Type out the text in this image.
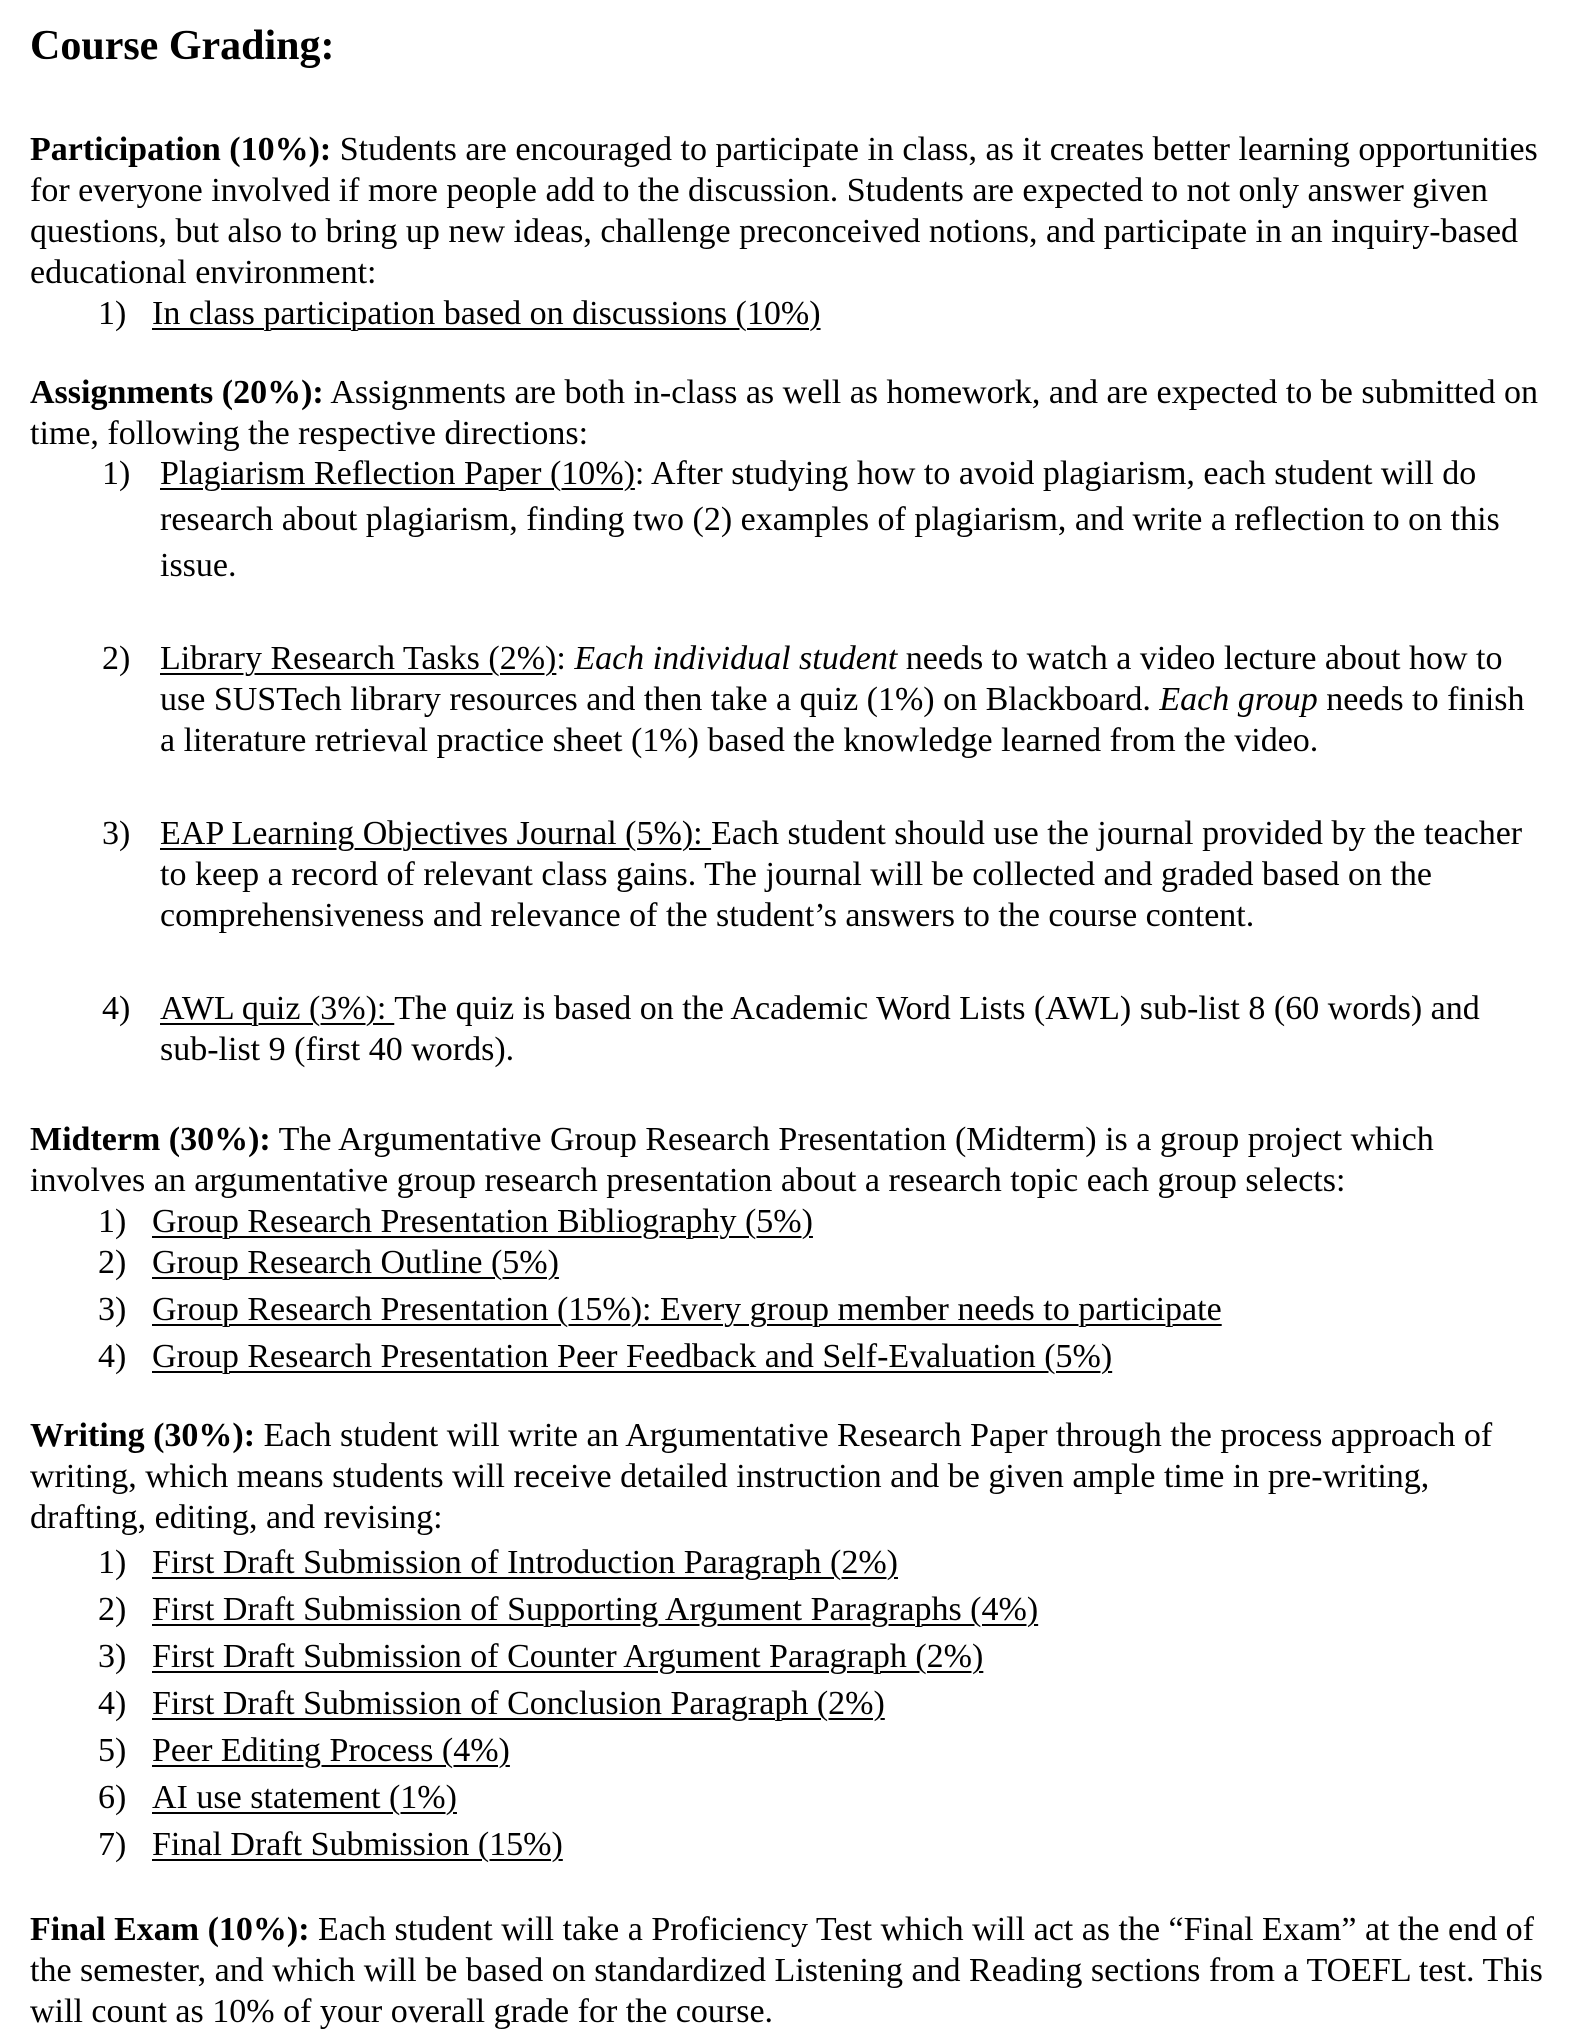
Course Grading:

Participation (10%): Students are encouraged to participate in class, as it creates better learning opportunities for everyone involved if more people add to the discussion. Students are expected to not only answer given questions, but also to bring up new ideas, challenge preconceived notions, and participate in an inquiry-based educational environment:

1) In class participation based on discussions (10%)

Assignments (20%): Assignments are both in-class as well as homework, and are expected to be submitted on time, following the respective directions:

1) Plagiarism Reflection Paper (10%): After studying how to avoid plagiarism, each student will do research about plagiarism, finding two (2) examples of plagiarism, and write a reflection to on this issue.
2) Library Research Tasks (2%): Each individual student needs to watch a video lecture about how to use SUSTech library resources and then take a quiz (1%) on Blackboard. Each group needs to finish a literature retrieval practice sheet (1%) based the knowledge learned from the video.
3) EAP Learning Objectives Journal (5%): Each student should use the journal provided by the teacher to keep a record of relevant class gains. The journal will be collected and graded based on the comprehensiveness and relevance of the student’s answers to the course content.
4) AWL quiz (3%): The quiz is based on the Academic Word Lists (AWL) sub-list 8 (60 words) and sub-list 9 (first 40 words).

Midterm (30%): The Argumentative Group Research Presentation (Midterm) is a group project which involves an argumentative group research presentation about a research topic each group selects:

1) Group Research Presentation Bibliography (5%)
2) Group Research Outline (5%)
3) Group Research Presentation (15%): Every group member needs to participate
4) Group Research Presentation Peer Feedback and Self-Evaluation (5%)

Writing (30%): Each student will write an Argumentative Research Paper through the process approach of writing, which means students will receive detailed instruction and be given ample time in pre-writing, drafting, editing, and revising:

1) First Draft Submission of Introduction Paragraph (2%)
2) First Draft Submission of Supporting Argument Paragraphs (4%)
3) First Draft Submission of Counter Argument Paragraph (2%)
4) First Draft Submission of Conclusion Paragraph (2%)
5) Peer Editing Process (4%)
6) AI use statement (1%)
7) Final Draft Submission (15%)

Final Exam (10%): Each student will take a Proficiency Test which will act as the “Final Exam” at the end of the semester, and which will be based on standardized Listening and Reading sections from a TOEFL test. This will count as 10% of your overall grade for the course.
